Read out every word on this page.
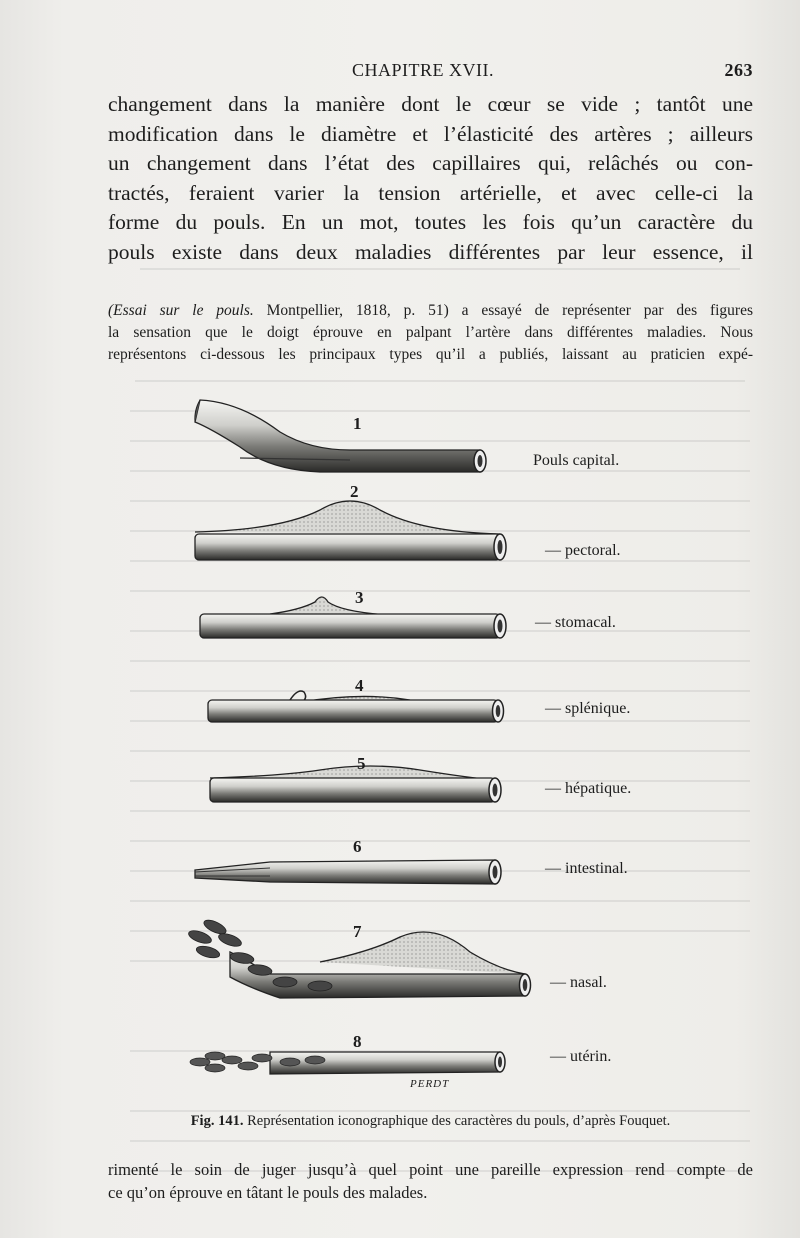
CHAPITRE XVII.	263
changement dans la manière dont le cœur se vide ; tantôt une
modification dans le diamètre et l’élasticité des artères ; ailleurs
un changement dans l’état des capillaires qui, relâchés ou con-
tractés, feraient varier la tension artérielle, et avec celle-ci la
forme du pouls. En un mot, toutes les fois qu’un caractère du
pouls existe dans deux maladies différentes par leur essence, il
(Essai sur le pouls. Montpellier, 1818, p. 51) a essayé de représenter par des figures
la sensation que le doigt éprouve en palpant l’artère dans différentes maladies. Nous
représentons ci-dessous les principaux types qu’il a publiés, laissant au praticien expé-
1
2
3
4
5
6
7
8
Pouls capital.
— pectoral.
— stomacal.
— splénique.
— hépatique.
— intestinal.
— nasal.
— utérin.
PERDT
Fig. 141. Représentation iconographique des caractères du pouls, d’après Fouquet.
rimenté le soin de juger jusqu’à quel point une pareille expression rend compte de
ce qu’on éprouve en tâtant le pouls des malades.
